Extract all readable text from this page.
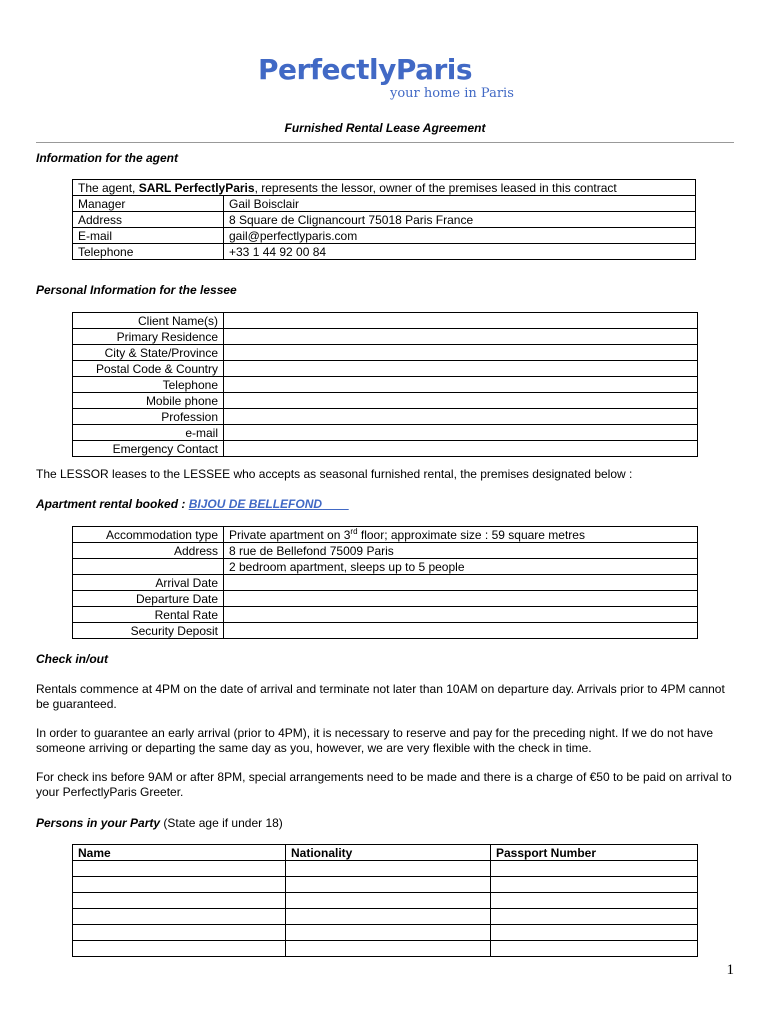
PerfectlyParis
your home in Paris
Furnished Rental Lease Agreement
Information for the agent
The agent, SARL PerfectlyParis, represents the lessor, owner of the premises leased in this contract	
Manager	Gail Boisclair
Address	8 Square de Clignancourt 75018 Paris France
E-mail	gail@perfectlyparis.com
Telephone	+33 1 44 92 00 84
Personal Information for the lessee
Client Name(s)	
Primary Residence	
City & State/Province	
Postal Code & Country	
Telephone	
Mobile phone	
Profession	
e-mail	
Emergency Contact	
The LESSOR leases to the LESSEE who accepts as seasonal furnished rental, the premises designated below :
Apartment rental booked : BIJOU DE BELLEFOND
Accommodation type	Private apartment on 3rd floor; approximate size : 59 square metres
Address	8 rue de Bellefond 75009 Paris
	2 bedroom apartment, sleeps up to 5 people
Arrival Date	
Departure Date	
Rental Rate	
Security Deposit	
Check in/out
Rentals commence at 4PM on the date of arrival and terminate not later than 10AM on departure day. Arrivals prior to 4PM cannot be guaranteed.
In order to guarantee an early arrival (prior to 4PM), it is necessary to reserve and pay for the preceding night. If we do not have someone arriving or departing the same day as you, however, we are very flexible with the check in time.
For check ins before 9AM or after 8PM, special arrangements need to be made and there is a charge of €50 to be paid on arrival to your PerfectlyParis Greeter.
Persons in your Party (State age if under 18)
Name	Nationality	Passport Number

1
